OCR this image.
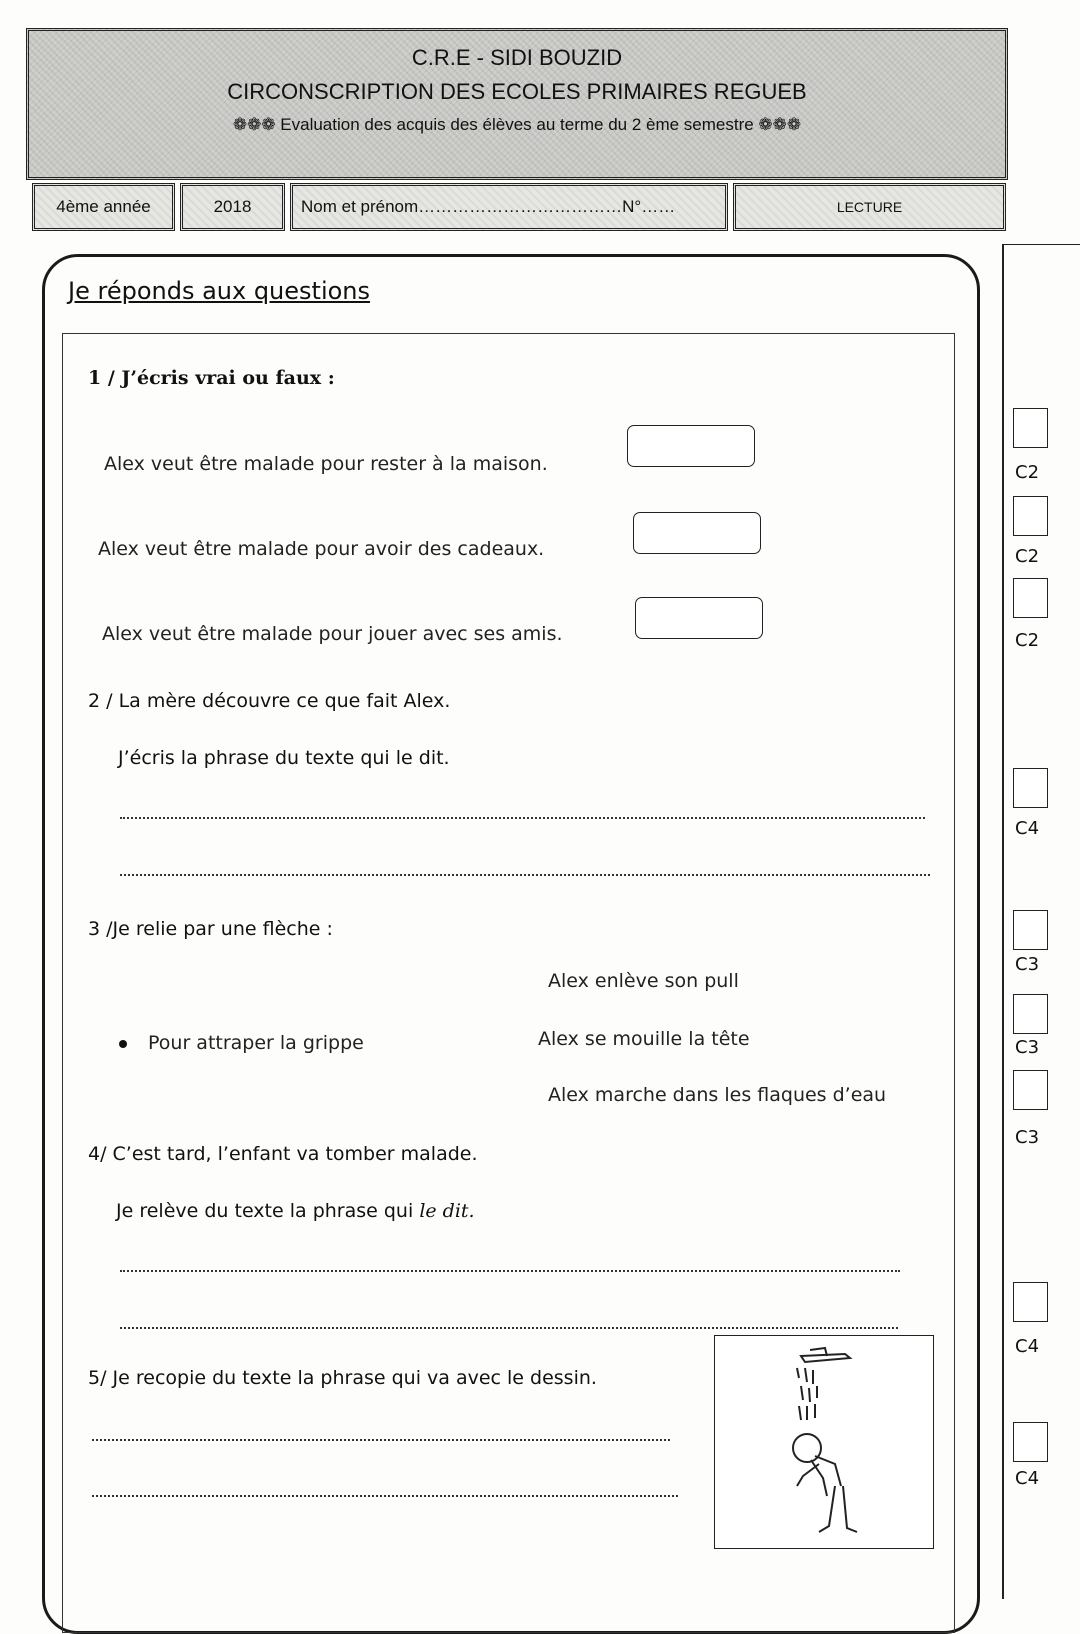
C.R.E - SIDI BOUZID
CIRCONSCRIPTION DES ECOLES PRIMAIRES REGUEB
❁❁❁ Evaluation des acquis des élèves au terme du 2 ème semestre ❁❁❁
4ème année	2018	Nom et prénom………………………………N°……	LECTURE
Je réponds aux questions
1 / J’écris vrai ou faux :
Alex veut être malade pour rester à la maison.
Alex veut être malade pour avoir des cadeaux.
Alex veut être malade pour jouer avec ses amis.
2 / La mère découvre ce que fait Alex.
J’écris la phrase du texte qui le dit.
3 /Je relie par une flèche :
Alex enlève son pull
Pour attraper la grippe	Alex se mouille la tête
Alex marche dans les flaques d’eau
4/ C’est tard, l’enfant va tomber malade.
Je relève du texte la phrase qui le dit.
5/ Je recopie du texte la phrase qui va avec le dessin.
C2
C2
C2
C4
C3
C3
C3
C4
C4
